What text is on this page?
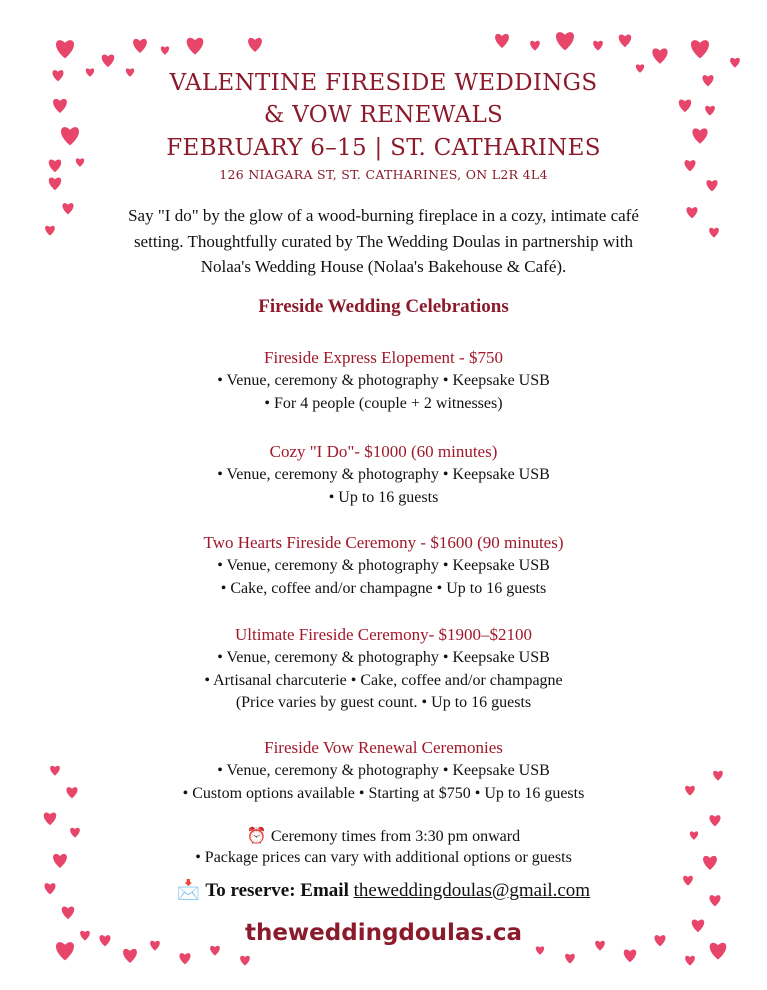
VALENTINE FIRESIDE WEDDINGS
& VOW RENEWALS
FEBRUARY 6–15 | ST. CATHARINES
126 NIAGARA ST, ST. CATHARINES, ON L2R 4L4
Say "I do" by the glow of a wood-burning fireplace in a cozy, intimate café
setting. Thoughtfully curated by The Wedding Doulas in partnership with
Nolaa's Wedding House (Nolaa's Bakehouse & Café).
Fireside Wedding Celebrations
Fireside Express Elopement - $750
• Venue, ceremony & photography • Keepsake USB
• For 4 people (couple + 2 witnesses)
Cozy "I Do"- $1000 (60 minutes)
• Venue, ceremony & photography • Keepsake USB
• Up to 16 guests
Two Hearts Fireside Ceremony - $1600 (90 minutes)
• Venue, ceremony & photography • Keepsake USB
• Cake, coffee and/or champagne • Up to 16 guests
Ultimate Fireside Ceremony- $1900–$2100
• Venue, ceremony & photography • Keepsake USB
• Artisanal charcuterie • Cake, coffee and/or champagne
(Price varies by guest count. • Up to 16 guests
Fireside Vow Renewal Ceremonies
• Venue, ceremony & photography • Keepsake USB
• Custom options available • Starting at $750 • Up to 16 guests
⏰ Ceremony times from 3:30 pm onward
• Package prices can vary with additional options or guests
📩 To reserve: Email theweddingdoulas@gmail.com
theweddingdoulas.ca
